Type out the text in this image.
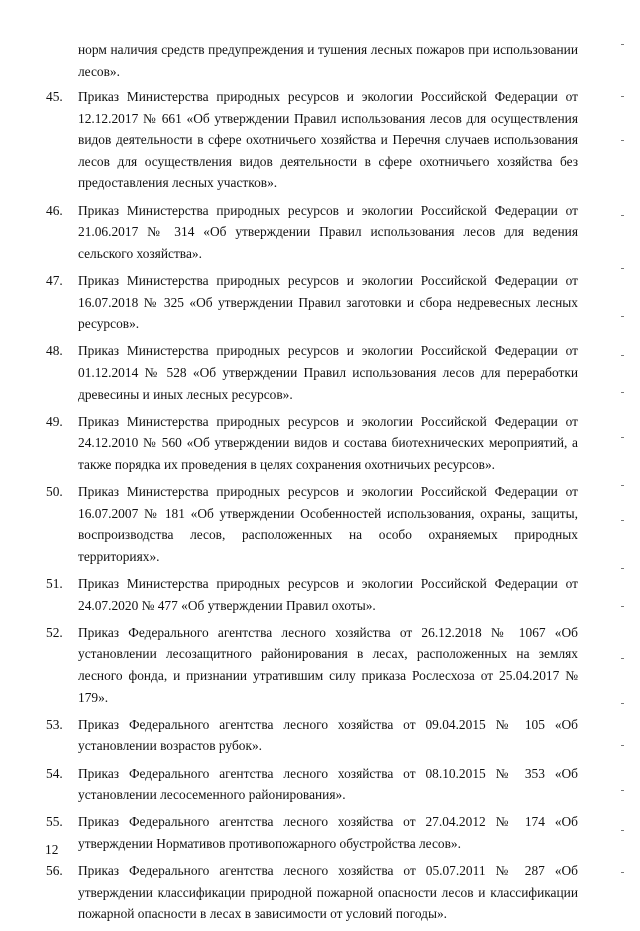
норм наличия средств предупреждения и тушения лесных пожаров при использовании лесов».
45.	Приказ Министерства природных ресурсов и экологии Российской Федерации от 12.12.2017 № 661 «Об утверждении Правил использования лесов для осуществления видов деятельности в сфере охотничьего хозяйства и Перечня случаев использования лесов для осуществления видов деятельности в сфере охотничьего хозяйства без предоставления лесных участков».
46.	Приказ Министерства природных ресурсов и экологии Российской Федерации от 21.06.2017 № 314 «Об утверждении Правил использования лесов для ведения сельского хозяйства».
47.	Приказ Министерства природных ресурсов и экологии Российской Федерации от 16.07.2018 № 325 «Об утверждении Правил заготовки и сбора недревесных лесных ресурсов».
48.	Приказ Министерства природных ресурсов и экологии Российской Федерации от 01.12.2014 № 528 «Об утверждении Правил использования лесов для переработки древесины и иных лесных ресурсов».
49.	Приказ Министерства природных ресурсов и экологии Российской Федерации от 24.12.2010 № 560 «Об утверждении видов и состава биотехнических мероприятий, а также порядка их проведения в целях сохранения охотничьих ресурсов».
50.	Приказ Министерства природных ресурсов и экологии Российской Федерации от 16.07.2007 № 181 «Об утверждении Особенностей использования, охраны, защиты, воспроизводства лесов, расположенных на особо охраняемых природных территориях».
51.	Приказ Министерства природных ресурсов и экологии Российской Федерации от 24.07.2020 № 477 «Об утверждении Правил охоты».
52.	Приказ Федерального агентства лесного хозяйства от 26.12.2018 № 1067 «Об установлении лесозащитного районирования в лесах, расположенных на землях лесного фонда, и признании утратившим силу приказа Рослесхоза от 25.04.2017 № 179».
53.	Приказ Федерального агентства лесного хозяйства от 09.04.2015 № 105 «Об установлении возрастов рубок».
54.	Приказ Федерального агентства лесного хозяйства от 08.10.2015 № 353 «Об установлении лесосеменного районирования».
55.	Приказ Федерального агентства лесного хозяйства от 27.04.2012 № 174 «Об утверждении Нормативов противопожарного обустройства лесов».
56.	Приказ Федерального агентства лесного хозяйства от 05.07.2011 № 287 «Об утверждении классификации природной пожарной опасности лесов и классификации пожарной опасности в лесах в зависимости от условий погоды».
12
